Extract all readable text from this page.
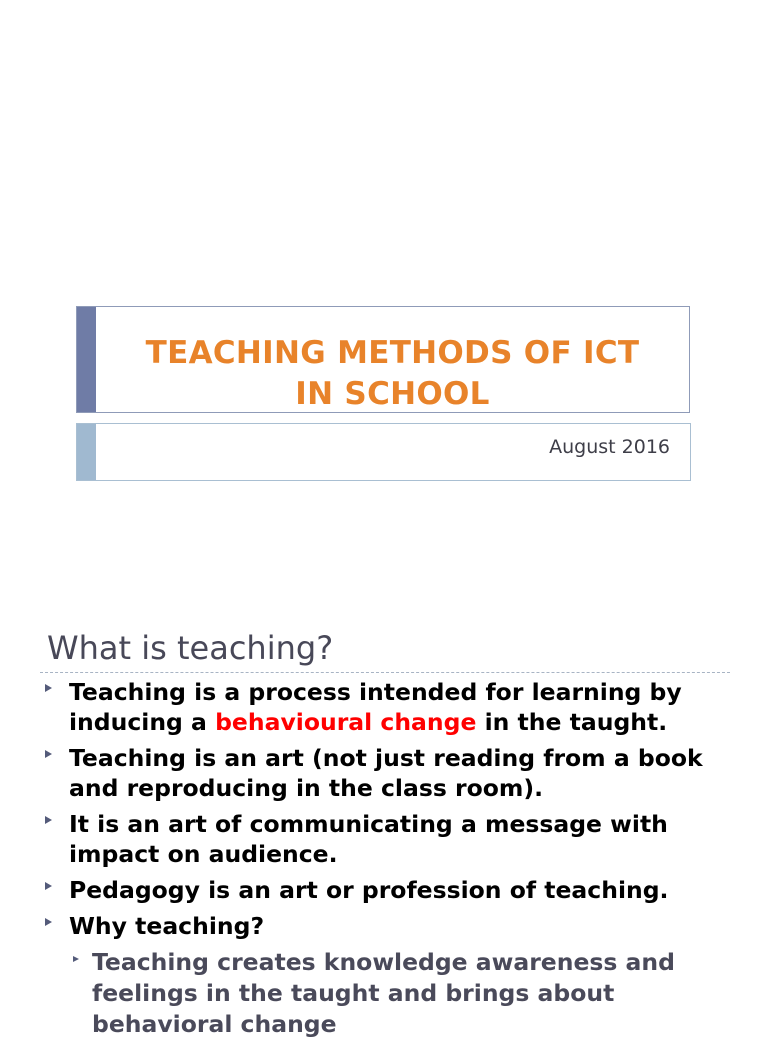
TEACHING METHODS OF ICT
IN SCHOOL
August 2016
What is teaching?
Teaching is a process intended for learning by inducing a behavioural change in the taught.
Teaching is an art (not just reading from a book and reproducing in the class room).
It is an art of communicating a message with impact on audience.
Pedagogy is an art or profession of teaching.
Why teaching?
Teaching creates knowledge awareness and feelings in the taught and brings about behavioral change
